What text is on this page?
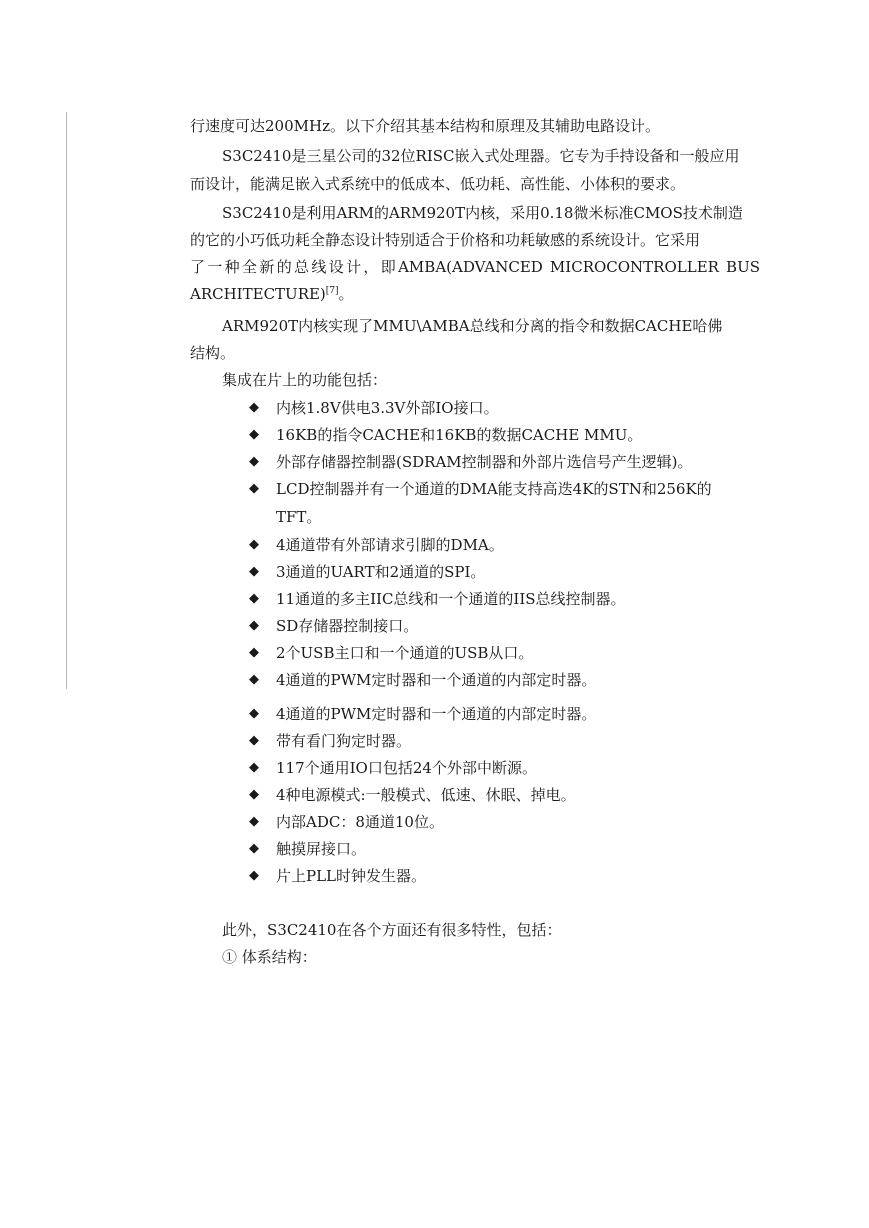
行速度可达200MHz。以下介绍其基本结构和原理及其辅助电路设计。
S3C2410是三星公司的32位RISC嵌入式处理器。它专为手持设备和一般应用
而设计，能满足嵌入式系统中的低成本、低功耗、高性能、小体积的要求。
S3C2410是利用ARM的ARM920T内核，采用0.18微米标准CMOS技术制造
的它的小巧低功耗全静态设计特别适合于价格和功耗敏感的系统设计。它采用
了一种全新的总线设计，即AMBA(ADVANCED MICROCONTROLLER BUS
ARCHITECTURE)[7]。
ARM920T内核实现了MMU\AMBA总线和分离的指令和数据CACHE哈佛
结构。
集成在片上的功能包括：
◆ 内核1.8V供电3.3V外部IO接口。
◆ 16KB的指令CACHE和16KB的数据CACHE MMU。
◆ 外部存储器控制器(SDRAM控制器和外部片选信号产生逻辑)。
◆ LCD控制器并有一个通道的DMA能支持高迭4K的STN和256K的
TFT。
◆ 4通道带有外部请求引脚的DMA。
◆ 3通道的UART和2通道的SPI。
◆ 11通道的多主IIC总线和一个通道的IIS总线控制器。
◆ SD存储器控制接口。
◆ 2个USB主口和一个通道的USB从口。
◆ 4通道的PWM定时器和一个通道的内部定时器。
◆ 4通道的PWM定时器和一个通道的内部定时器。
◆ 带有看门狗定时器。
◆ 117个通用IO口包括24个外部中断源。
◆ 4种电源模式:一般模式、低速、休眠、掉电。
◆ 内部ADC：8通道10位。
◆ 触摸屏接口。
◆ 片上PLL时钟发生器。
此外，S3C2410在各个方面还有很多特性，包括：
① 体系结构：
